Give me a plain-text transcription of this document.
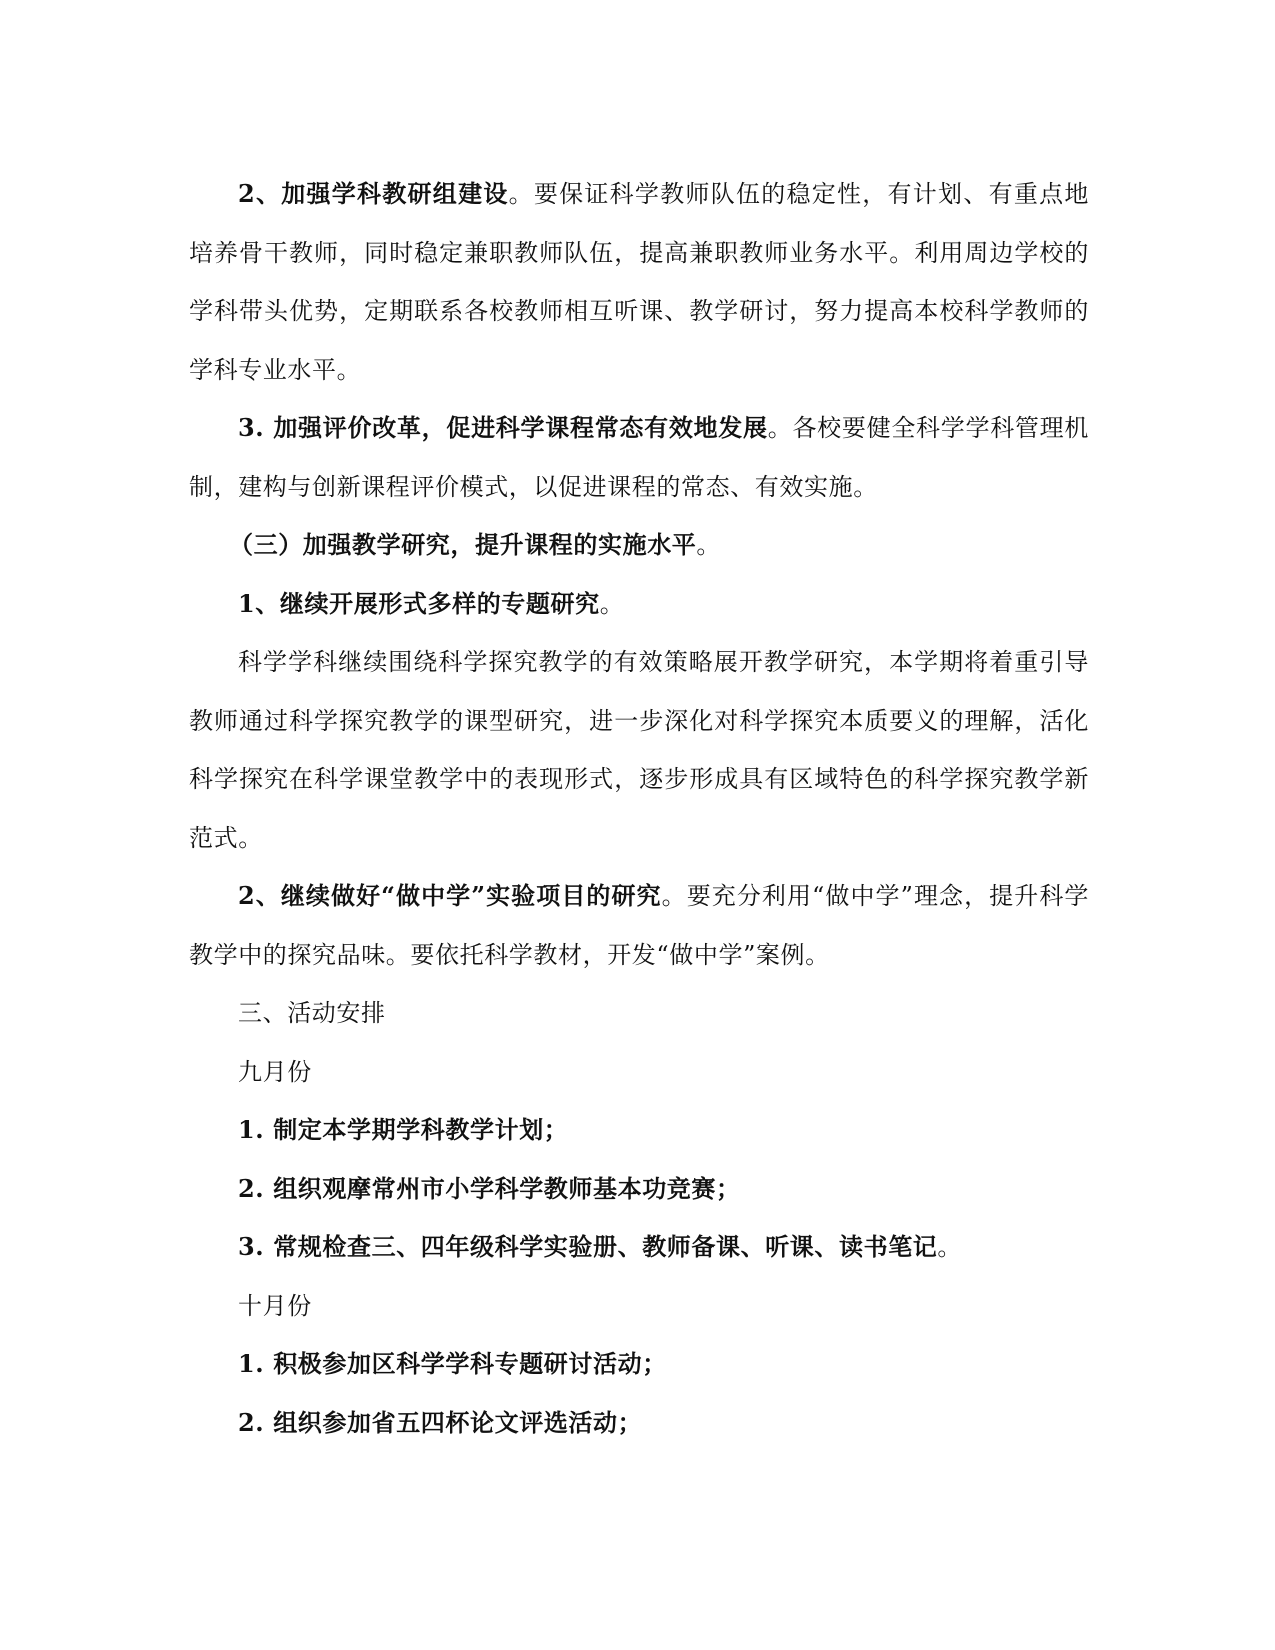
2、加强学科教研组建设。要保证科学教师队伍的稳定性，有计划、有重点地培养骨干教师，同时稳定兼职教师队伍，提高兼职教师业务水平。利用周边学校的学科带头优势，定期联系各校教师相互听课、教学研讨，努力提高本校科学教师的学科专业水平。

3. 加强评价改革，促进科学课程常态有效地发展。各校要健全科学学科管理机制，建构与创新课程评价模式，以促进课程的常态、有效实施。

（三）加强教学研究，提升课程的实施水平。

1、继续开展形式多样的专题研究。

科学学科继续围绕科学探究教学的有效策略展开教学研究，本学期将着重引导教师通过科学探究教学的课型研究，进一步深化对科学探究本质要义的理解，活化科学探究在科学课堂教学中的表现形式，逐步形成具有区域特色的科学探究教学新范式。

2、继续做好“做中学”实验项目的研究。要充分利用“做中学”理念，提升科学教学中的探究品味。要依托科学教材，开发“做中学”案例。

三、活动安排

九月份

1. 制定本学期学科教学计划；

2. 组织观摩常州市小学科学教师基本功竞赛；

3. 常规检查三、四年级科学实验册、教师备课、听课、读书笔记。

十月份

1. 积极参加区科学学科专题研讨活动；

2. 组织参加省五四杯论文评选活动；
